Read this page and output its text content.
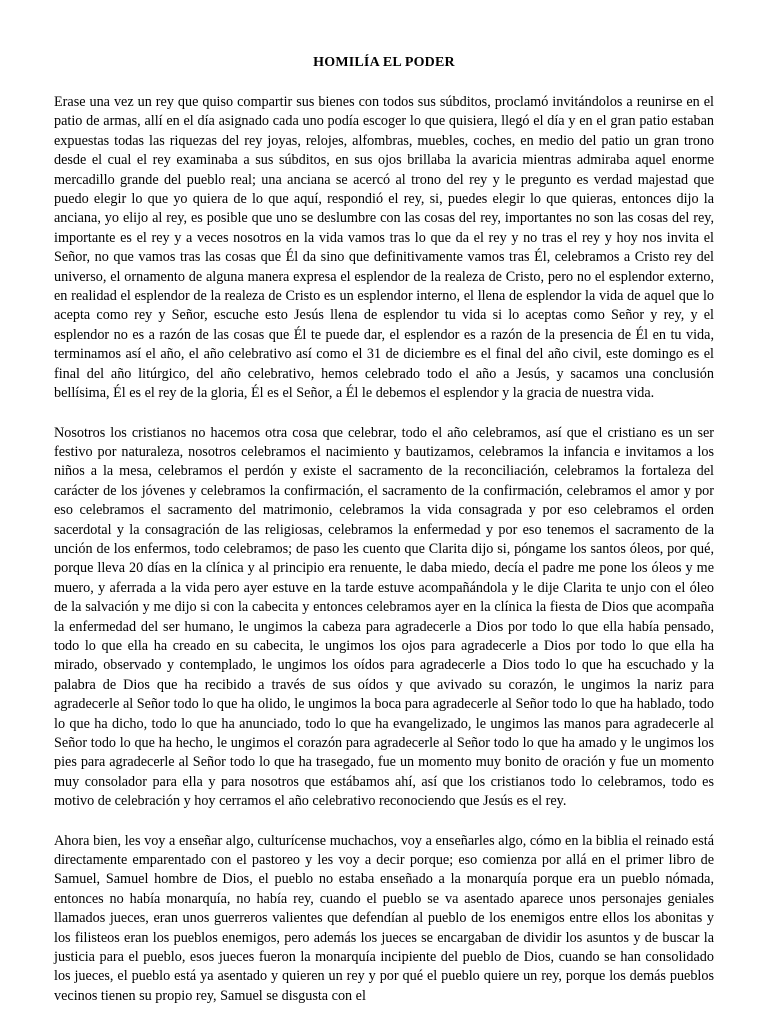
HOMILÍA EL PODER

Erase una vez un rey que quiso compartir sus bienes con todos sus súbditos, proclamó invitándolos a reunirse en el patio de armas, allí en el día asignado cada uno podía escoger lo que quisiera, llegó el día y en el gran patio estaban expuestas todas las riquezas del rey joyas, relojes, alfombras, muebles, coches, en medio del patio un gran trono desde el cual el rey examinaba a sus súbditos, en sus ojos brillaba la avaricia mientras admiraba aquel enorme mercadillo grande del pueblo real; una anciana se acercó al trono del rey y le pregunto es verdad majestad que puedo elegir lo que yo quiera de lo que aquí, respondió el rey, si, puedes elegir lo que quieras, entonces dijo la anciana, yo elijo al rey, es posible que uno se deslumbre con las cosas del rey, importantes no son las cosas del rey, importante es el rey y a veces nosotros en la vida vamos tras lo que da el rey y no tras el rey y hoy nos invita el Señor, no que vamos tras las cosas que Él da sino que definitivamente vamos tras Él, celebramos a Cristo rey del universo, el ornamento de alguna manera expresa el esplendor de la realeza de Cristo, pero no el esplendor externo, en realidad el esplendor de la realeza de Cristo es un esplendor interno, el llena de esplendor la vida de aquel que lo acepta como rey y Señor, escuche esto Jesús llena de esplendor tu vida si lo aceptas como Señor y rey, y el esplendor no es a razón de las cosas que Él te puede dar, el esplendor es a razón de la presencia de Él en tu vida, terminamos así el año, el año celebrativo así como el 31 de diciembre es el final del año civil, este domingo es el final del año litúrgico, del año celebrativo, hemos celebrado todo el año a Jesús, y sacamos una conclusión bellísima, Él es el rey de la gloria, Él es el Señor, a Él le debemos el esplendor y la gracia de nuestra vida.

Nosotros los cristianos no hacemos otra cosa que celebrar, todo el año celebramos, así que el cristiano es un ser festivo por naturaleza, nosotros celebramos el nacimiento y bautizamos, celebramos la infancia e invitamos a los niños a la mesa, celebramos el perdón y existe el sacramento de la reconciliación, celebramos la fortaleza del carácter de los jóvenes y celebramos la confirmación, el sacramento de la confirmación, celebramos el amor y por eso celebramos el sacramento del matrimonio, celebramos la vida consagrada y por eso celebramos el orden sacerdotal y la consagración de las religiosas, celebramos la enfermedad y por eso tenemos el sacramento de la unción de los enfermos, todo celebramos; de paso les cuento que Clarita dijo si, póngame los santos óleos, por qué, porque lleva 20 días en la clínica y al principio era renuente, le daba miedo, decía el padre me pone los óleos y me muero, y aferrada a la vida pero ayer estuve en la tarde estuve acompañándola y le dije Clarita te unjo con el óleo de la salvación y me dijo si con la cabecita y entonces celebramos ayer en la clínica la fiesta de Dios que acompaña la enfermedad del ser humano, le ungimos la cabeza para agradecerle a Dios por todo lo que ella había pensado, todo lo que ella ha creado en su cabecita, le ungimos los ojos para agradecerle a Dios por todo lo que ella ha mirado, observado y contemplado, le ungimos los oídos para agradecerle a Dios todo lo que ha escuchado y la palabra de Dios que ha recibido a través de sus oídos y que avivado su corazón, le ungimos la nariz para agradecerle al Señor todo lo que ha olido, le ungimos la boca para agradecerle al Señor todo lo que ha hablado, todo lo que ha dicho, todo lo que ha anunciado, todo lo que ha evangelizado, le ungimos las manos para agradecerle al Señor todo lo que ha hecho, le ungimos el corazón para agradecerle al Señor todo lo que ha amado y le ungimos los pies para agradecerle al Señor todo lo que ha trasegado, fue un momento muy bonito de oración y fue un momento muy consolador para ella y para nosotros que estábamos ahí, así que los cristianos todo lo celebramos, todo es motivo de celebración y hoy cerramos el año celebrativo reconociendo que Jesús es el rey.

Ahora bien, les voy a enseñar algo, culturícense muchachos, voy a enseñarles algo, cómo en la biblia el reinado está directamente emparentado con el pastoreo y les voy a decir porque; eso comienza por allá en el primer libro de Samuel, Samuel hombre de Dios, el pueblo no estaba enseñado a la monarquía porque era un pueblo nómada, entonces no había monarquía, no había rey, cuando el pueblo se va asentado aparece unos personajes geniales llamados jueces, eran unos guerreros valientes que defendían al pueblo de los enemigos entre ellos los abonitas y los filisteos eran los pueblos enemigos, pero además los jueces se encargaban de dividir los asuntos y de buscar la justicia para el pueblo, esos jueces fueron la monarquía incipiente del pueblo de Dios, cuando se han consolidado los jueces, el pueblo está ya asentado y quieren un rey y por qué el pueblo quiere un rey, porque los demás pueblos vecinos tienen su propio rey, Samuel se disgusta con el
